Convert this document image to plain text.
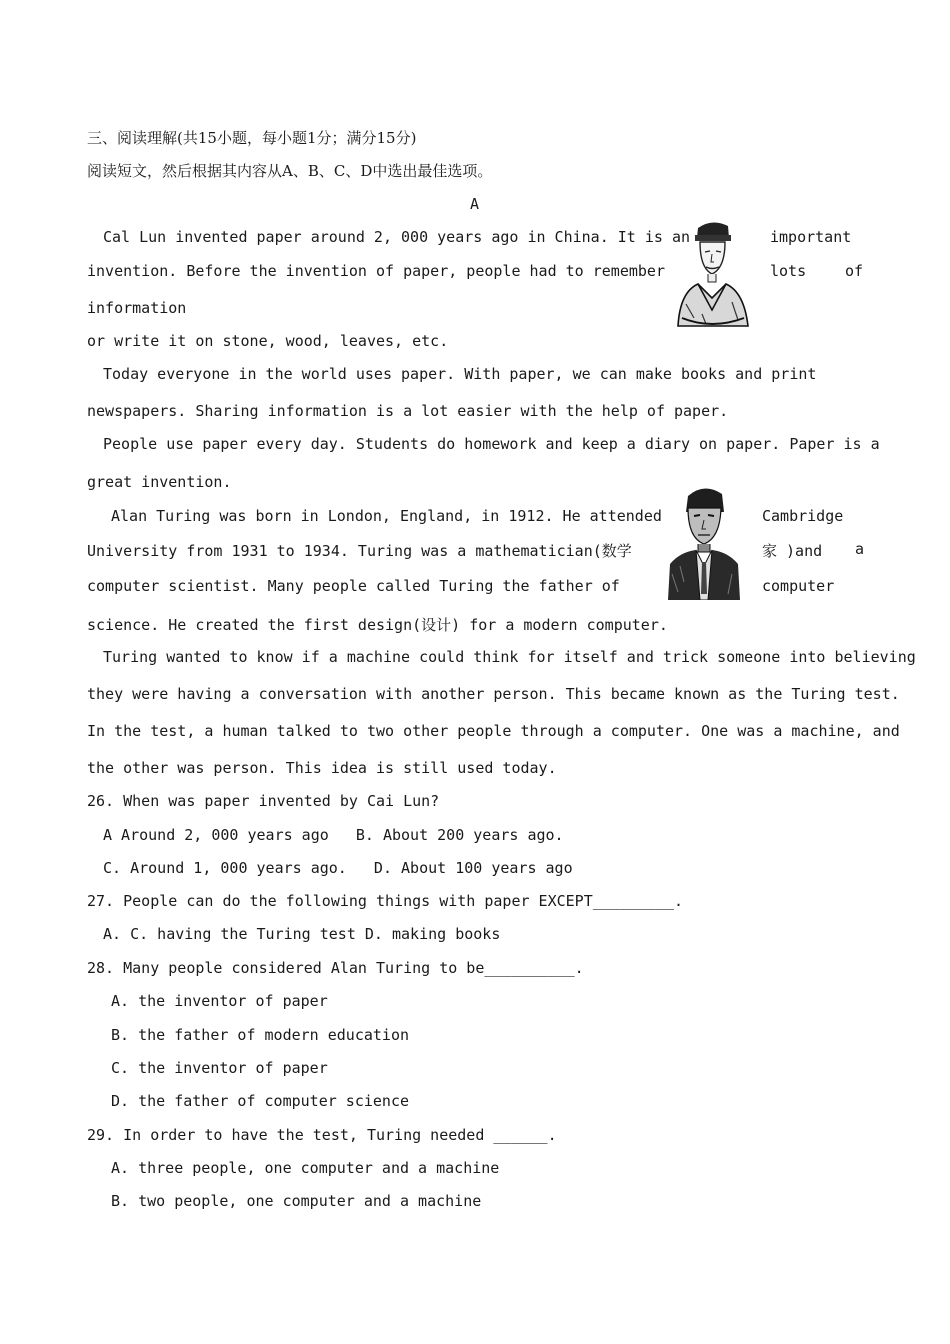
三、阅读理解(共15小题，每小题1分；满分15分)
阅读短文，然后根据其内容从A、B、C、D中选出最佳选项。
A
Cal Lun invented paper around 2, 000 years ago in China. It is an	important
invention. Before the invention of paper, people had to remember	lots	of
information
or write it on stone, wood, leaves, etc.
Today everyone in the world uses paper. With paper, we can make books and print
newspapers. Sharing information is a lot easier with the help of paper.
People use paper every day. Students do homework and keep a diary on paper. Paper is a
great invention.
Alan Turing was born in London, England, in 1912. He attended	Cambridge
University from 1931 to 1934. Turing was a mathematician(数学	家 )and a
computer scientist. Many people called Turing the father of	computer
science. He created the first design(设计) for a modern computer.
Turing wanted to know if a machine could think for itself and trick someone into believing
they were having a conversation with another person. This became known as the Turing test.
In the test, a human talked to two other people through a computer. One was a machine, and
the other was person. This idea is still used today.
26. When was paper invented by Cai Lun?
A Around 2, 000 years ago   B. About 200 years ago.
C. Around 1, 000 years ago.   D. About 100 years ago
27. People can do the following things with paper EXCEPT_________.
A. C. having the Turing test D. making books
28. Many people considered Alan Turing to be__________.
A. the inventor of paper
B. the father of modern education
C. the inventor of paper
D. the father of computer science
29. In order to have the test, Turing needed ______.
A. three people, one computer and a machine
B. two people, one computer and a machine
